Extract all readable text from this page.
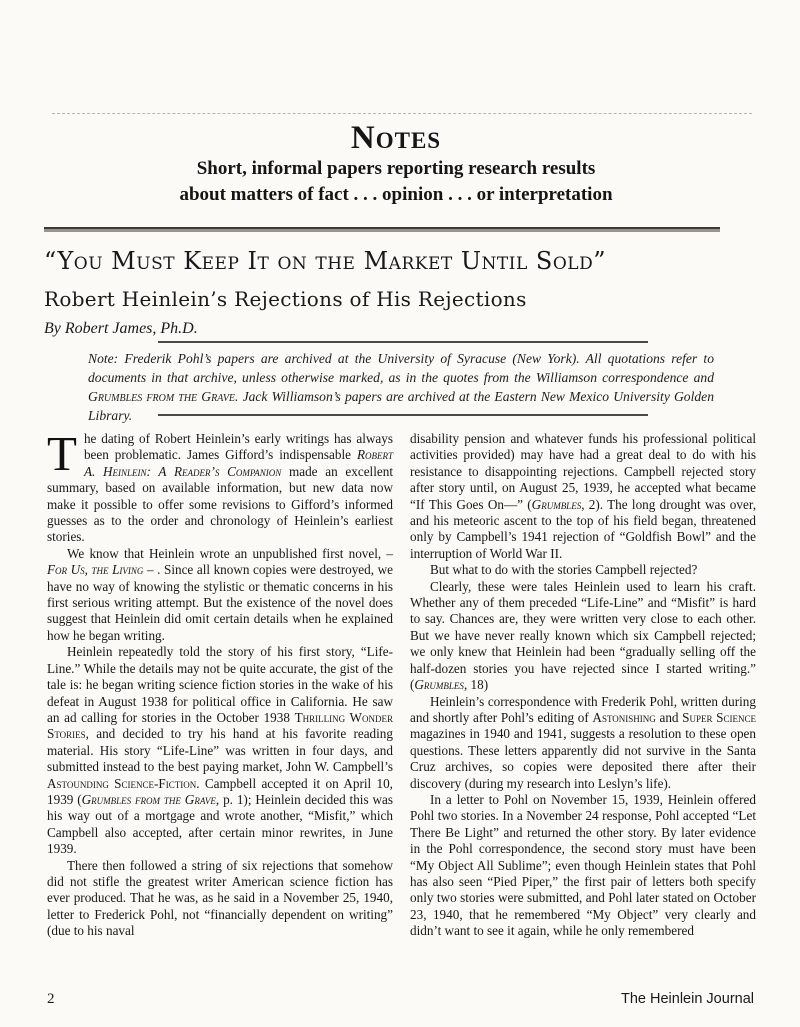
Notes
Short, informal papers reporting research results
about matters of fact . . . opinion . . . or interpretation
“You Must Keep It on the Market Until Sold”
Robert Heinlein’s Rejections of His Rejections
By Robert James, Ph.D.
Note: Frederik Pohl’s papers are archived at the University of Syracuse (New York). All quotations refer to documents in that archive, unless otherwise marked, as in the quotes from the Williamson correspondence and Grumbles from the Grave. Jack Williamson’s papers are archived at the Eastern New Mexico University Golden Library.

The dating of Robert Heinlein’s early writings has always been problematic. James Gifford’s indispensable Robert A. Heinlein: A Reader’s Companion made an excellent summary, based on available information, but new data now make it possible to offer some revisions to Gifford’s informed guesses as to the order and chronology of Heinlein’s earliest stories.

We know that Heinlein wrote an unpublished first novel, – For Us, the Living – . Since all known copies were destroyed, we have no way of knowing the stylistic or thematic concerns in his first serious writing attempt. But the existence of the novel does suggest that Heinlein did omit certain details when he explained how he began writing.

Heinlein repeatedly told the story of his first story, “Life-Line.” While the details may not be quite accurate, the gist of the tale is: he began writing science fiction stories in the wake of his defeat in August 1938 for political office in California. He saw an ad calling for stories in the October 1938 Thrilling Wonder Stories, and decided to try his hand at his favorite reading material. His story “Life-Line” was written in four days, and submitted instead to the best paying market, John W. Campbell’s Astounding Science-Fiction. Campbell accepted it on April 10, 1939 (Grumbles from the Grave, p. 1); Heinlein decided this was his way out of a mortgage and wrote another, “Misfit,” which Campbell also accepted, after certain minor rewrites, in June 1939.

There then followed a string of six rejections that somehow did not stifle the greatest writer American science fiction has ever produced. That he was, as he said in a November 25, 1940, letter to Frederick Pohl, not “financially dependent on writing” (due to his naval

disability pension and whatever funds his professional political activities provided) may have had a great deal to do with his resistance to disappointing rejections. Campbell rejected story after story until, on August 25, 1939, he accepted what became “If This Goes On—” (Grumbles, 2). The long drought was over, and his meteoric ascent to the top of his field began, threatened only by Campbell’s 1941 rejection of “Goldfish Bowl” and the interruption of World War II.

But what to do with the stories Campbell rejected?

Clearly, these were tales Heinlein used to learn his craft. Whether any of them preceded “Life-Line” and “Misfit” is hard to say. Chances are, they were written very close to each other. But we have never really known which six Campbell rejected; we only knew that Heinlein had been “gradually selling off the half-dozen stories you have rejected since I started writing.” (Grumbles, 18)

Heinlein’s correspondence with Frederik Pohl, written during and shortly after Pohl’s editing of Astonishing and Super Science magazines in 1940 and 1941, suggests a resolution to these open questions. These letters apparently did not survive in the Santa Cruz archives, so copies were deposited there after their discovery (during my research into Leslyn’s life).

In a letter to Pohl on November 15, 1939, Heinlein offered Pohl two stories. In a November 24 response, Pohl accepted “Let There Be Light” and returned the other story. By later evidence in the Pohl correspondence, the second story must have been “My Object All Sublime”; even though Heinlein states that Pohl has also seen “Pied Piper,” the first pair of letters both specify only two stories were submitted, and Pohl later stated on October 23, 1940, that he remembered “My Object” very clearly and didn’t want to see it again, while he only remembered

2	The Heinlein Journal
